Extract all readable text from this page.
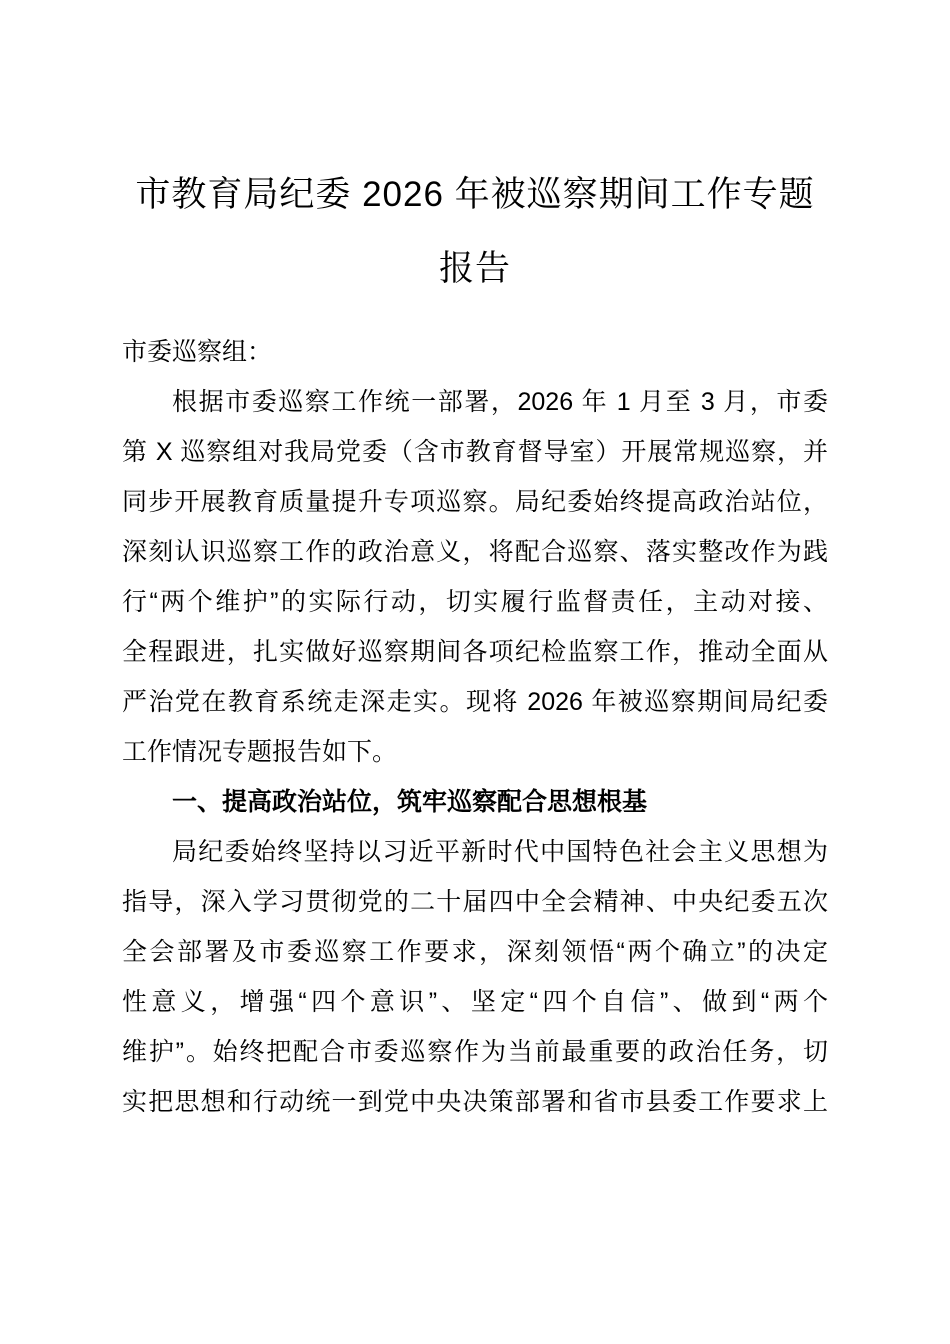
市教育局纪委 2026 年被巡察期间工作专题
报告
市委巡察组：
根据市委巡察工作统一部署，2026 年 1 月至 3 月，市委
第 X 巡察组对我局党委（含市教育督导室）开展常规巡察，并
同步开展教育质量提升专项巡察。局纪委始终提高政治站位，
深刻认识巡察工作的政治意义，将配合巡察、落实整改作为践
行“两个维护”的实际行动，切实履行监督责任，主动对接、
全程跟进，扎实做好巡察期间各项纪检监察工作，推动全面从
严治党在教育系统走深走实。现将 2026 年被巡察期间局纪委
工作情况专题报告如下。
一、提高政治站位，筑牢巡察配合思想根基
局纪委始终坚持以习近平新时代中国特色社会主义思想为
指导，深入学习贯彻党的二十届四中全会精神、中央纪委五次
全会部署及市委巡察工作要求，深刻领悟“两个确立”的决定
性意义，增强“四个意识”、坚定“四个自信”、做到“两个
维护”。始终把配合市委巡察作为当前最重要的政治任务，切
实把思想和行动统一到党中央决策部署和省市县委工作要求上
